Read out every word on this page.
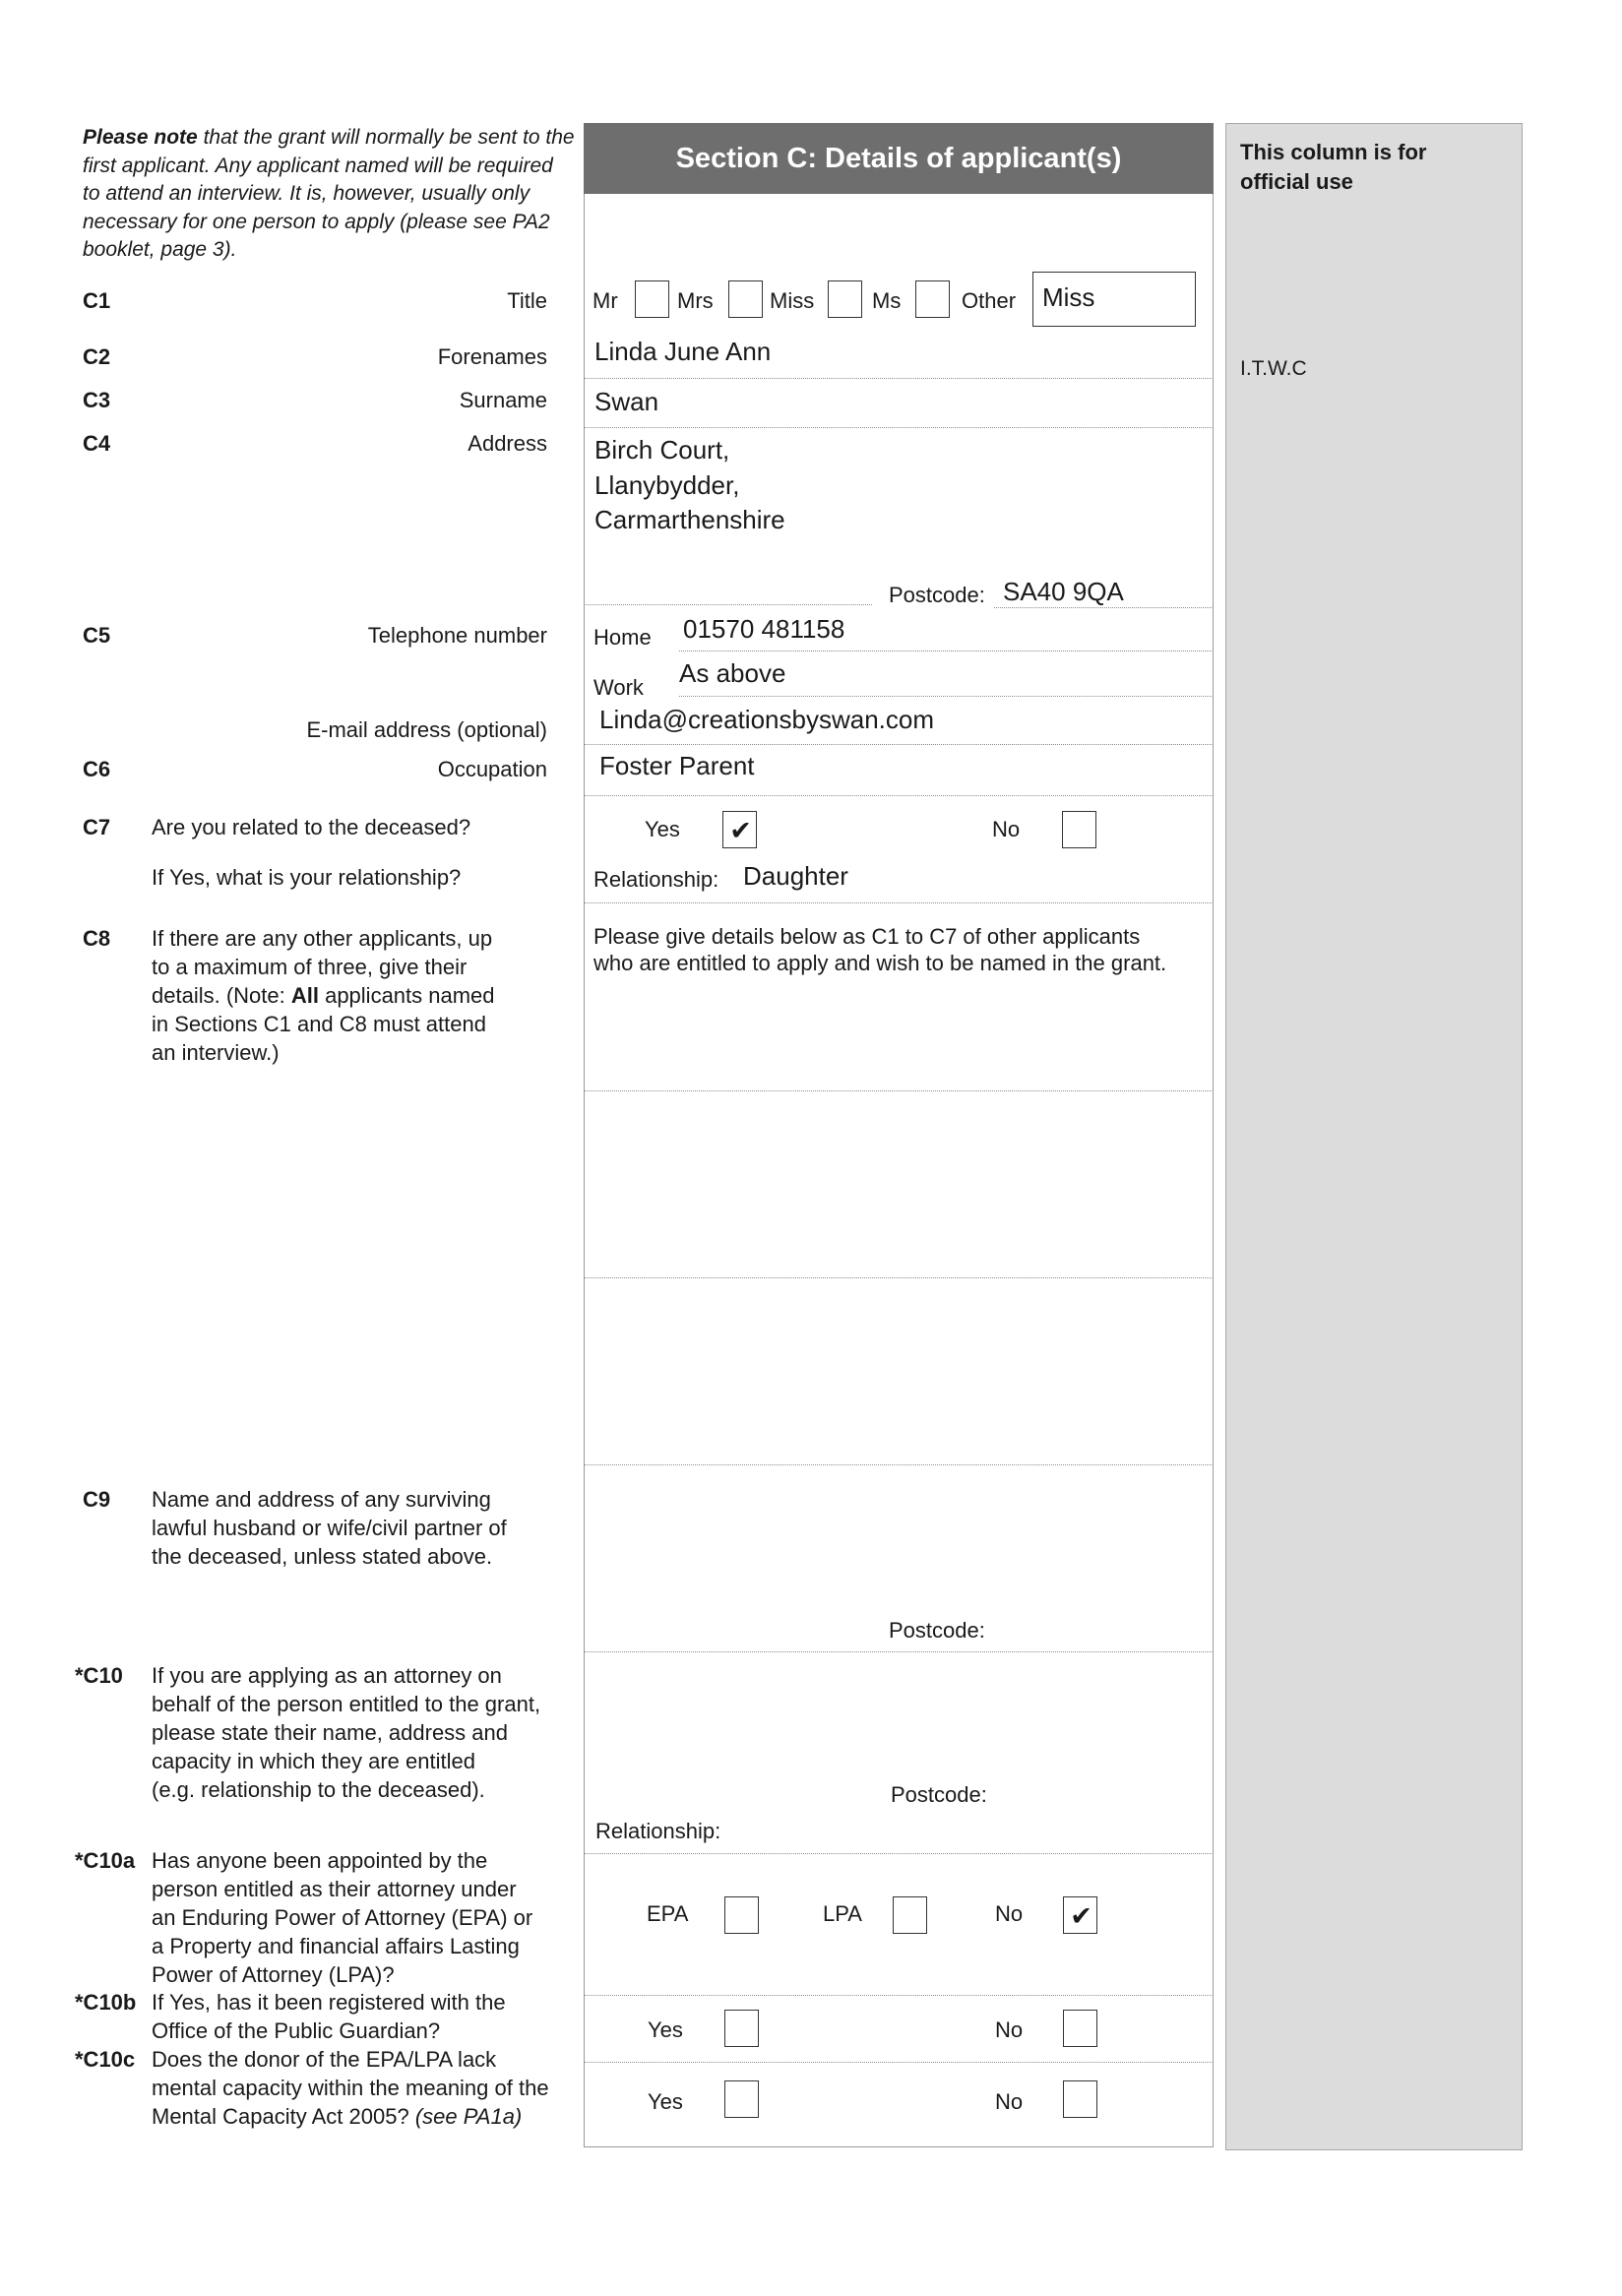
Please note that the grant will normally be sent to the first applicant. Any applicant named will be required to attend an interview. It is, however, usually only necessary for one person to apply (please see PA2 booklet, page 3).
Section C: Details of applicant(s)	This column is for official use
I.T.W.C
C1	Title Mr	Mrs	Miss	Ms	Other Miss
C2	Forenames Linda June Ann
C3	Surname Swan
C4	Address Birch Court,
Llanybydder,
Carmarthenshire
Postcode: SA40 9QA
C5	Telephone number Home 01570 481158
Work As above
E-mail address (optional) Linda@creationsbyswan.com
C6	Occupation Foster Parent
C7 Are you related to the deceased?	Yes ✔	No
If Yes, what is your relationship?	Relationship: Daughter
C8 If there are any other applicants, up
to a maximum of three, give their
details. (Note: All applicants named
in Sections C1 and C8 must attend
an interview.)
Please give details below as C1 to C7 of other applicants
who are entitled to apply and wish to be named in the grant.
C9 Name and address of any surviving
lawful husband or wife/civil partner of
the deceased, unless stated above.
Postcode:
*C10 If you are applying as an attorney on
behalf of the person entitled to the grant,
please state their name, address and
capacity in which they are entitled
(e.g. relationship to the deceased).	Postcode:
Relationship:
*C10a Has anyone been appointed by the
person entitled as their attorney under
an Enduring Power of Attorney (EPA) or
a Property and financial affairs Lasting
Power of Attorney (LPA)?
EPA	LPA	No ✔
*C10b If Yes, has it been registered with the
Office of the Public Guardian?	Yes	No
*C10c Does the donor of the EPA/LPA lack
mental capacity within the meaning of the
Mental Capacity Act 2005? (see PA1a)
Yes	No
